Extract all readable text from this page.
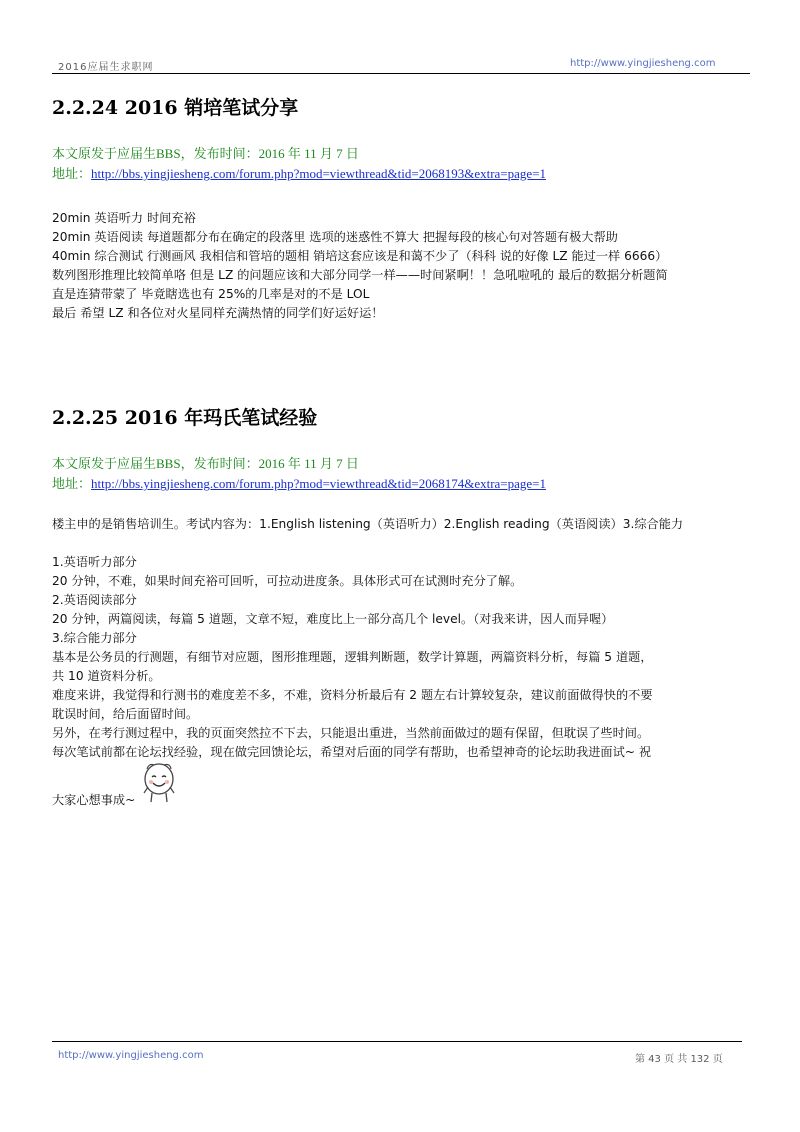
2016应届生求职网	http://www.yingjiesheng.com
2.2.24 2016 销培笔试分享
本文原发于应届生BBS，发布时间：2016 年 11 月 7 日
地址：http://bbs.yingjiesheng.com/forum.php?mod=viewthread&tid=2068193&extra=page=1

20min 英语听力 时间充裕

20min 英语阅读 每道题都分布在确定的段落里 选项的迷惑性不算大 把握每段的核心句对答题有极大帮助

40min 综合测试 行测画风 我相信和管培的题相 销培这套应该是和蔼不少了（科科 说的好像 LZ 能过一样 6666）

数列图形推理比较简单咯 但是 LZ 的问题应该和大部分同学一样——时间紧啊！！急吼啦吼的 最后的数据分析题简

直是连猜带蒙了 毕竟瞎选也有 25%的几率是对的不是 LOL

最后 希望 LZ 和各位对火星同样充满热情的同学们好运好运！

2.2.25 2016 年玛氏笔试经验
本文原发于应届生BBS，发布时间：2016 年 11 月 7 日
地址：http://bbs.yingjiesheng.com/forum.php?mod=viewthread&tid=2068174&extra=page=1

楼主申的是销售培训生。考试内容为：1.English listening（英语听力）2.English reading（英语阅读）3.综合能力

1.英语听力部分

20 分钟，不难，如果时间充裕可回听，可拉动进度条。具体形式可在试测时充分了解。

2.英语阅读部分

20 分钟，两篇阅读，每篇 5 道题，文章不短，难度比上一部分高几个 level。（对我来讲，因人而异喔）

3.综合能力部分

基本是公务员的行测题，有细节对应题，图形推理题，逻辑判断题，数学计算题，两篇资料分析，每篇 5 道题，

共 10 道资料分析。

难度来讲，我觉得和行测书的难度差不多，不难，资料分析最后有 2 题左右计算较复杂，建议前面做得快的不要

耽误时间，给后面留时间。

另外，在考行测过程中，我的页面突然拉不下去，只能退出重进，当然前面做过的题有保留，但耽误了些时间。

每次笔试前都在论坛找经验，现在做完回馈论坛，希望对后面的同学有帮助，也希望神奇的论坛助我进面试~ 祝

大家心想事成~
http://www.yingjiesheng.com	第 43 页 共 132 页
